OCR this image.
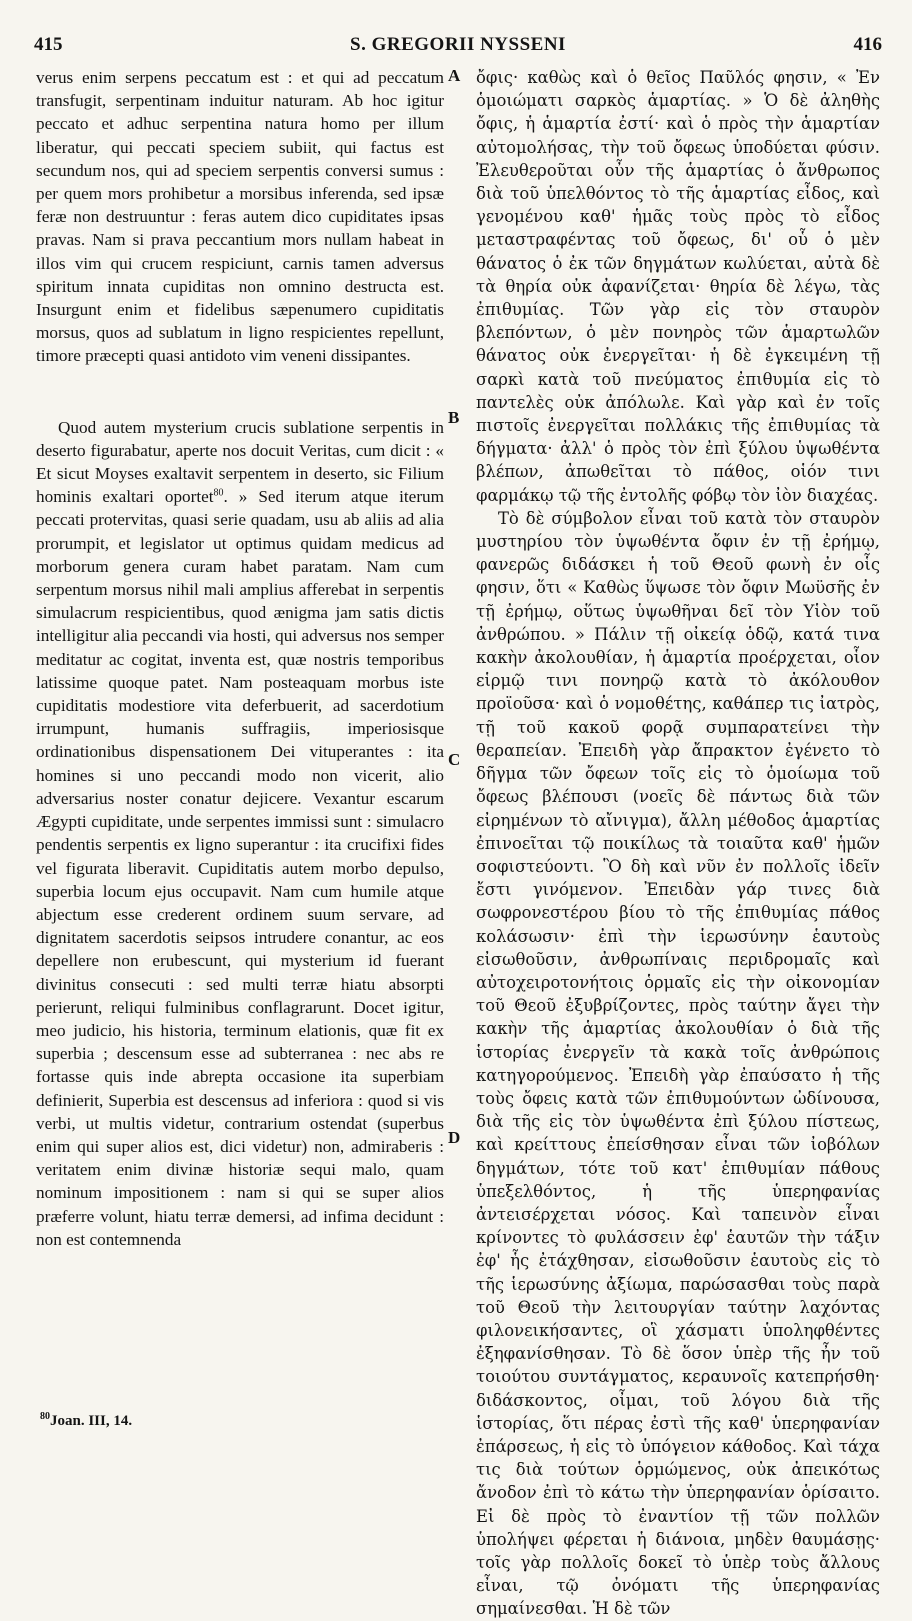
415	S. GREGORII NYSSENI	416

verus enim serpens peccatum est : et qui ad peccatum transfugit, serpentinam induitur naturam. Ab hoc igitur peccato et adhuc serpentina natura homo per illum liberatur, qui peccati speciem subiit, qui factus est secundum nos, qui ad speciem serpentis conversi sumus : per quem mors prohibetur a morsibus inferenda, sed ipsæ feræ non destruuntur : feras autem dico cupiditates ipsas pravas. Nam si prava peccantium mors nullam habeat in illos vim qui crucem respiciunt, carnis tamen adversus spiritum innata cupiditas non omnino destructa est. Insurgunt enim et fidelibus sæpenumero cupiditatis morsus, quos ad sublatum in ligno respicientes repellunt, timore præcepti quasi antidoto vim veneni dissipantes.

Quod autem mysterium crucis sublatione serpentis in deserto figurabatur, aperte nos docuit Veritas, cum dicit : « Et sicut Moyses exaltavit serpentem in deserto, sic Filium hominis exaltari oportet$^{80}$. » Sed iterum atque iterum peccati protervitas, quasi serie quadam, usu ab aliis ad alia prorumpit, et legislator ut optimus quidam medicus ad morborum genera curam habet paratam. Nam cum serpentum morsus nihil mali amplius afferebat in serpentis simulacrum respicientibus, quod ænigma jam satis dictis intelligitur alia peccandi via hosti, qui adversus nos semper meditatur ac cogitat, inventa est, quæ nostris temporibus latissime quoque patet. Nam posteaquam morbus iste cupiditatis modestiore vita deferbuerit, ad sacerdotium irrumpunt, humanis suffragiis, imperiosisque ordinationibus dispensationem Dei vituperantes : ita homines si uno peccandi modo non vicerit, alio adversarius noster conatur dejicere. Vexantur escarum Ægypti cupiditate, unde serpentes immissi sunt : simulacro pendentis serpentis ex ligno superantur : ita crucifixi fides vel figurata liberavit. Cupiditatis autem morbo depulso, superbia locum ejus occupavit. Nam cum humile atque abjectum esse crederent ordinem suum servare, ad dignitatem sacerdotis seipsos intrudere conantur, ac eos depellere non erubescunt, qui mysterium id fuerant divinitus consecuti : sed multi terræ hiatu absorpti perierunt, reliqui fulminibus conflagrarunt. Docet igitur, meo judicio, his historia, terminum elationis, quæ fit ex superbia ; descensum esse ad subterranea : nec abs re fortasse quis inde abrepta occasione ita superbiam definierit, Superbia est descensus ad inferiora : quod si vis verbi, ut multis videtur, contrarium ostendat (superbus enim qui super alios est, dici videtur) non, admiraberis : veritatem enim divinæ historiæ sequi malo, quam nominum impositionem : nam si qui se super alios præferre volunt, hiatu terræ demersi, ad infima decidunt : non est contemnenda

A
B
C
D

ὄφις· καθὼς καὶ ὁ θεῖος Παῦλός φησιν, « Ἐν ὁμοιώματι σαρκὸς ἁμαρτίας. » Ὁ δὲ ἀληθὴς ὄφις, ἡ ἁμαρτία ἐστί· καὶ ὁ πρὸς τὴν ἁμαρτίαν αὐτομολήσας, τὴν τοῦ ὄφεως ὑποδύεται φύσιν. Ἐλευθεροῦται οὖν τῆς ἁμαρτίας ὁ ἄνθρωπος διὰ τοῦ ὑπελθόντος τὸ τῆς ἁμαρτίας εἶδος, καὶ γενομένου καθ' ἡμᾶς τοὺς πρὸς τὸ εἶδος μεταστραφέντας τοῦ ὄφεως, δι' οὗ ὁ μὲν θάνατος ὁ ἐκ τῶν δηγμάτων κωλύεται, αὐτὰ δὲ τὰ θηρία οὐκ ἀφανίζεται· θηρία δὲ λέγω, τὰς ἐπιθυμίας. Τῶν γὰρ εἰς τὸν σταυρὸν βλεπόντων, ὁ μὲν πονηρὸς τῶν ἁμαρτωλῶν θάνατος οὐκ ἐνεργεῖται· ἡ δὲ ἐγκειμένη τῇ σαρκὶ κατὰ τοῦ πνεύματος ἐπιθυμία εἰς τὸ παντελὲς οὐκ ἀπόλωλε. Καὶ γὰρ καὶ ἐν τοῖς πιστοῖς ἐνεργεῖται πολλάκις τῆς ἐπιθυμίας τὰ δήγματα· ἀλλ' ὁ πρὸς τὸν ἐπὶ ξύλου ὑψωθέντα βλέπων, ἀπωθεῖται τὸ πάθος, οἱόν τινι φαρμάκῳ τῷ τῆς ἐντολῆς φόβῳ τὸν ἰὸν διαχέας.

Τὸ δὲ σύμβολον εἶναι τοῦ κατὰ τὸν σταυρὸν μυστηρίου τὸν ὑψωθέντα ὄφιν ἐν τῇ ἐρήμῳ, φανερῶς διδάσκει ἡ τοῦ Θεοῦ φωνὴ ἐν οἷς φησιν, ὅτι « Καθὼς ὕψωσε τὸν ὄφιν Μωϋσῆς ἐν τῇ ἐρήμῳ, οὕτως ὑψωθῆναι δεῖ τὸν Υἱὸν τοῦ ἀνθρώπου. » Πάλιν τῇ οἰκείᾳ ὁδῷ, κατά τινα κακὴν ἀκολουθίαν, ἡ ἁμαρτία προέρχεται, οἷον εἱρμῷ τινι πονηρῷ κατὰ τὸ ἀκόλουθον προϊοῦσα· καὶ ὁ νομοθέτης, καθάπερ τις ἰατρὸς, τῇ τοῦ κακοῦ φορᾷ συμπαρατείνει τὴν θεραπείαν. Ἐπειδὴ γὰρ ἄπρακτον ἐγένετο τὸ δῆγμα τῶν ὄφεων τοῖς εἰς τὸ ὁμοίωμα τοῦ ὄφεως βλέπουσι (νοεῖς δὲ πάντως διὰ τῶν εἰρημένων τὸ αἴνιγμα), ἄλλη μέθοδος ἁμαρτίας ἐπινοεῖται τῷ ποικίλως τὰ τοιαῦτα καθ' ἡμῶν σοφιστεύοντι. Ὃ δὴ καὶ νῦν ἐν πολλοῖς ἰδεῖν ἔστι γινόμενον. Ἐπειδὰν γάρ τινες διὰ σωφρονεστέρου βίου τὸ τῆς ἐπιθυμίας πάθος κολάσωσιν· ἐπὶ τὴν ἱερωσύνην ἑαυτοὺς εἰσωθοῦσιν, ἀνθρωπίναις περιδρομαῖς καὶ αὐτοχειροτονήτοις ὁρμαῖς εἰς τὴν οἰκονομίαν τοῦ Θεοῦ ἐξυβρίζοντες, πρὸς ταύτην ἄγει τὴν κακὴν τῆς ἁμαρτίας ἀκολουθίαν ὁ διὰ τῆς ἱστορίας ἐνεργεῖν τὰ κακὰ τοῖς ἀνθρώποις κατηγορούμενος. Ἐπειδὴ γὰρ ἐπαύσατο ἡ τῆς τοὺς ὄφεις κατὰ τῶν ἐπιθυμούντων ὠδίνουσα, διὰ τῆς εἰς τὸν ὑψωθέντα ἐπὶ ξύλου πίστεως, καὶ κρείττους ἐπείσθησαν εἶναι τῶν ἰοβόλων δηγμάτων, τότε τοῦ κατ' ἐπιθυμίαν πάθους ὑπεξελθόντος, ἡ τῆς ὑπερηφανίας ἀντεισέρχεται νόσος. Καὶ ταπεινὸν εἶναι κρίνοντες τὸ φυλάσσειν ἐφ' ἑαυτῶν τὴν τάξιν ἐφ' ἧς ἐτάχθησαν, εἰσωθοῦσιν ἑαυτοὺς εἰς τὸ τῆς ἱερωσύνης ἀξίωμα, παρώσασθαι τοὺς παρὰ τοῦ Θεοῦ τὴν λειτουργίαν ταύτην λαχόντας φιλονεικήσαντες, οἳ χάσματι ὑποληφθέντες ἐξηφανίσθησαν. Τὸ δὲ ὅσον ὑπὲρ τῆς ἦν τοῦ τοιούτου συντάγματος, κεραυνοῖς κατεπρήσθη· διδάσκοντος, οἶμαι, τοῦ λόγου διὰ τῆς ἱστορίας, ὅτι πέρας ἐστὶ τῆς καθ' ὑπερηφανίαν ἐπάρσεως, ἡ εἰς τὸ ὑπόγειον κάθοδος. Καὶ τάχα τις διὰ τούτων ὁρμώμενος, οὐκ ἀπεικότως ἄνοδον ἐπὶ τὸ κάτω τὴν ὑπερηφανίαν ὁρίσαιτο. Εἰ δὲ πρὸς τὸ ἐναντίον τῇ τῶν πολλῶν ὑπολήψει φέρεται ἡ διάνοια, μηδὲν θαυμάσῃς· τοῖς γὰρ πολλοῖς δοκεῖ τὸ ὑπὲρ τοὺς ἄλλους εἶναι, τῷ ὀνόματι τῆς ὑπερηφανίας σημαίνεσθαι. Ἡ δὲ τῶν

$^{80}$Joan. III, 14.
